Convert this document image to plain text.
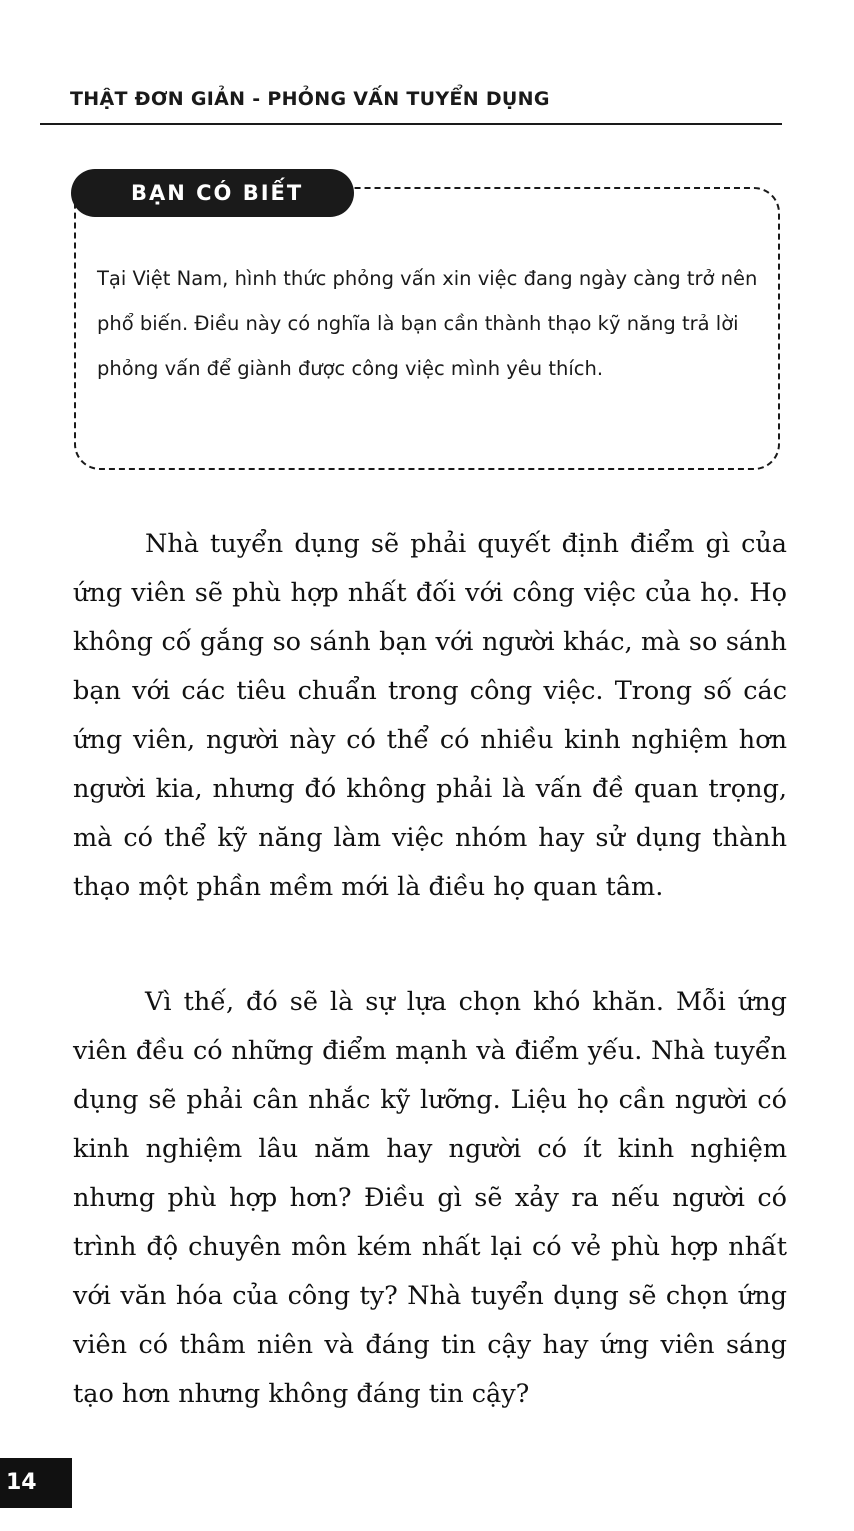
THẬT ĐƠN GIẢN - PHỎNG VẤN TUYỂN DỤNG
BẠN CÓ BIẾT

Tại Việt Nam, hình thức phỏng vấn xin việc đang ngày càng trở nên phổ biến. Điều này có nghĩa là bạn cần thành thạo kỹ năng trả lời phỏng vấn để giành được công việc mình yêu thích.

Nhà tuyển dụng sẽ phải quyết định điểm gì của ứng viên sẽ phù hợp nhất đối với công việc của họ. Họ không cố gắng so sánh bạn với người khác, mà so sánh bạn với các tiêu chuẩn trong công việc. Trong số các ứng viên, người này có thể có nhiều kinh nghiệm hơn người kia, nhưng đó không phải là vấn đề quan trọng, mà có thể kỹ năng làm việc nhóm hay sử dụng thành thạo một phần mềm mới là điều họ quan tâm.

Vì thế, đó sẽ là sự lựa chọn khó khăn. Mỗi ứng viên đều có những điểm mạnh và điểm yếu. Nhà tuyển dụng sẽ phải cân nhắc kỹ lưỡng. Liệu họ cần người có kinh nghiệm lâu năm hay người có ít kinh nghiệm nhưng phù hợp hơn? Điều gì sẽ xảy ra nếu người có trình độ chuyên môn kém nhất lại có vẻ phù hợp nhất với văn hóa của công ty? Nhà tuyển dụng sẽ chọn ứng viên có thâm niên và đáng tin cậy hay ứng viên sáng tạo hơn nhưng không đáng tin cậy?

14
